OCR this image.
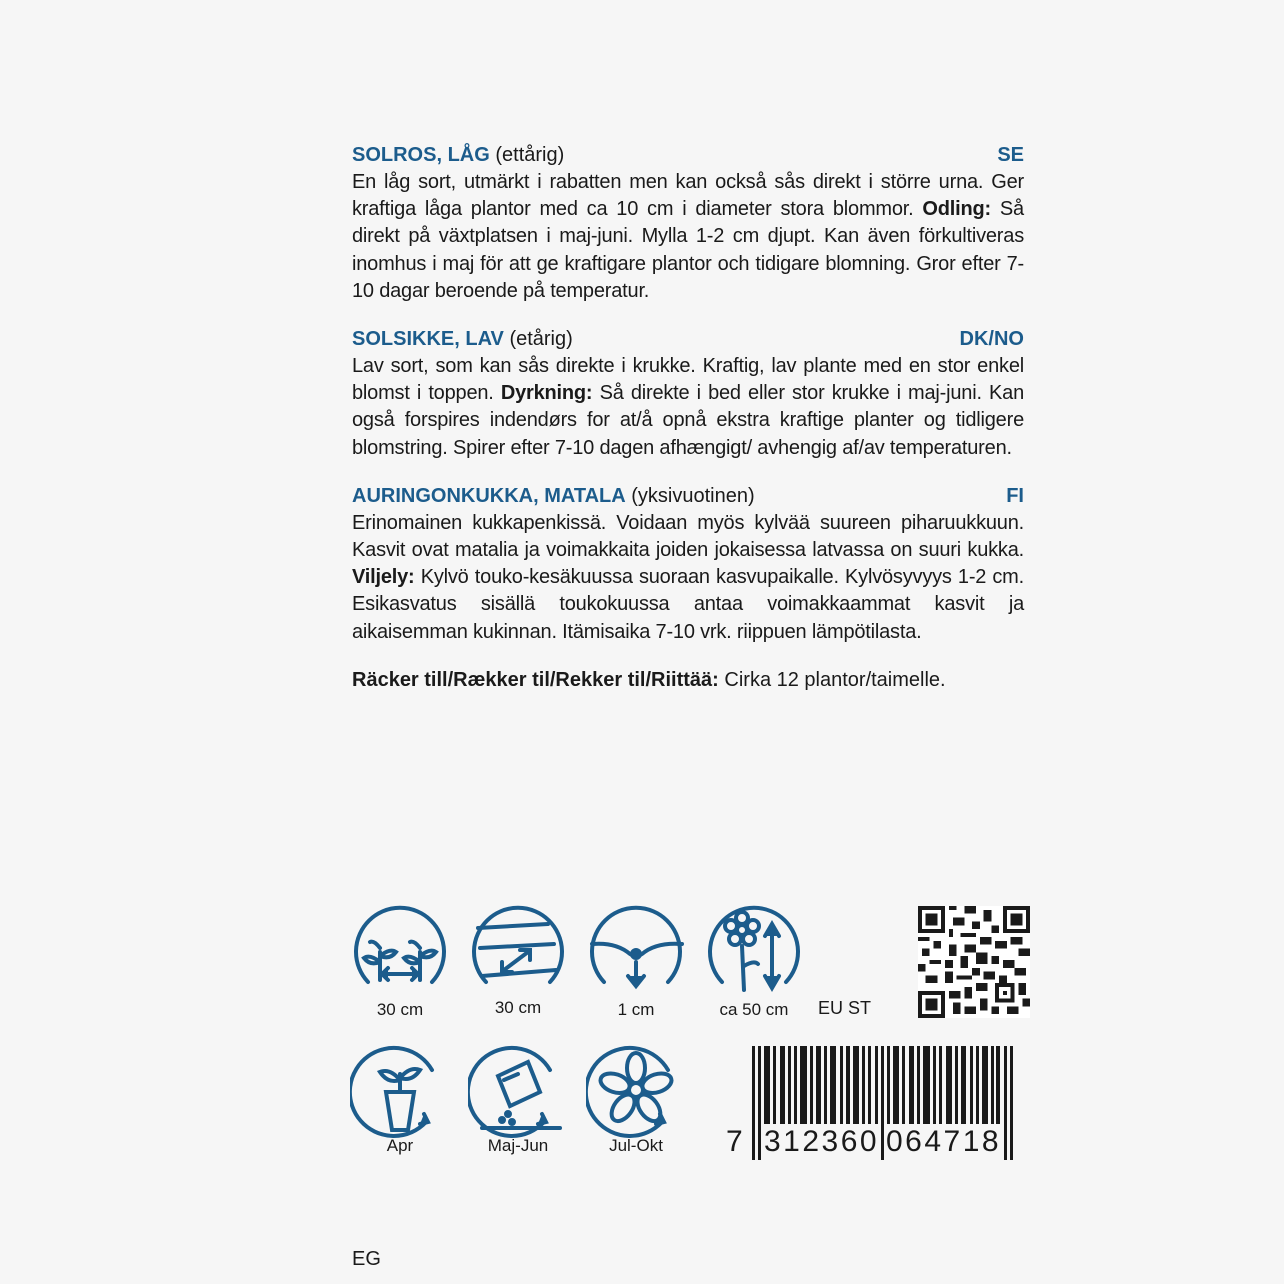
SOLROS, LÅG (ettårig)	SE
En låg sort, utmärkt i rabatten men kan också sås direkt i större urna. Ger kraftiga låga plantor med ca 10 cm i diameter stora blommor. Odling: Så direkt på växtplatsen i maj-juni. Mylla 1-2 cm djupt. Kan även förkultiveras inomhus i maj för att ge kraftigare plantor och tidigare blomning. Gror efter 7-10 dagar beroende på temperatur.
SOLSIKKE, LAV (etårig)	DK/NO
Lav sort, som kan sås direkte i krukke. Kraftig, lav plante med en stor enkel blomst i toppen. Dyrkning: Så direkte i bed eller stor krukke i maj-juni. Kan også forspires indendørs for at/å opnå ekstra kraftige planter og tidligere blomstring. Spirer efter 7-10 dagen afhængigt/ avhengig af/av temperaturen.
AURINGONKUKKA, MATALA (yksivuotinen)	FI
Erinomainen kukkapenkissä. Voidaan myös kylvää suureen piharuukkuun. Kasvit ovat matalia ja voimakkaita joiden jokaisessa latvassa on suuri kukka. Viljely: Kylvö touko-kesäkuussa suoraan kasvupaikalle. Kylvösyvyys 1-2 cm. Esikasvatus sisällä toukokuussa antaa voimakkaammat kasvit ja aikaisemman kukinnan. Itämisaika 7-10 vrk. riippuen lämpötilasta.
Räcker till/Rækker til/Rekker til/Riittää: Cirka 12 plantor/taimelle.
30 cm	30 cm	1 cm	ca 50 cm	EU ST
Apr	Maj-Jun	Jul-Okt	7 312360 064718
EG
